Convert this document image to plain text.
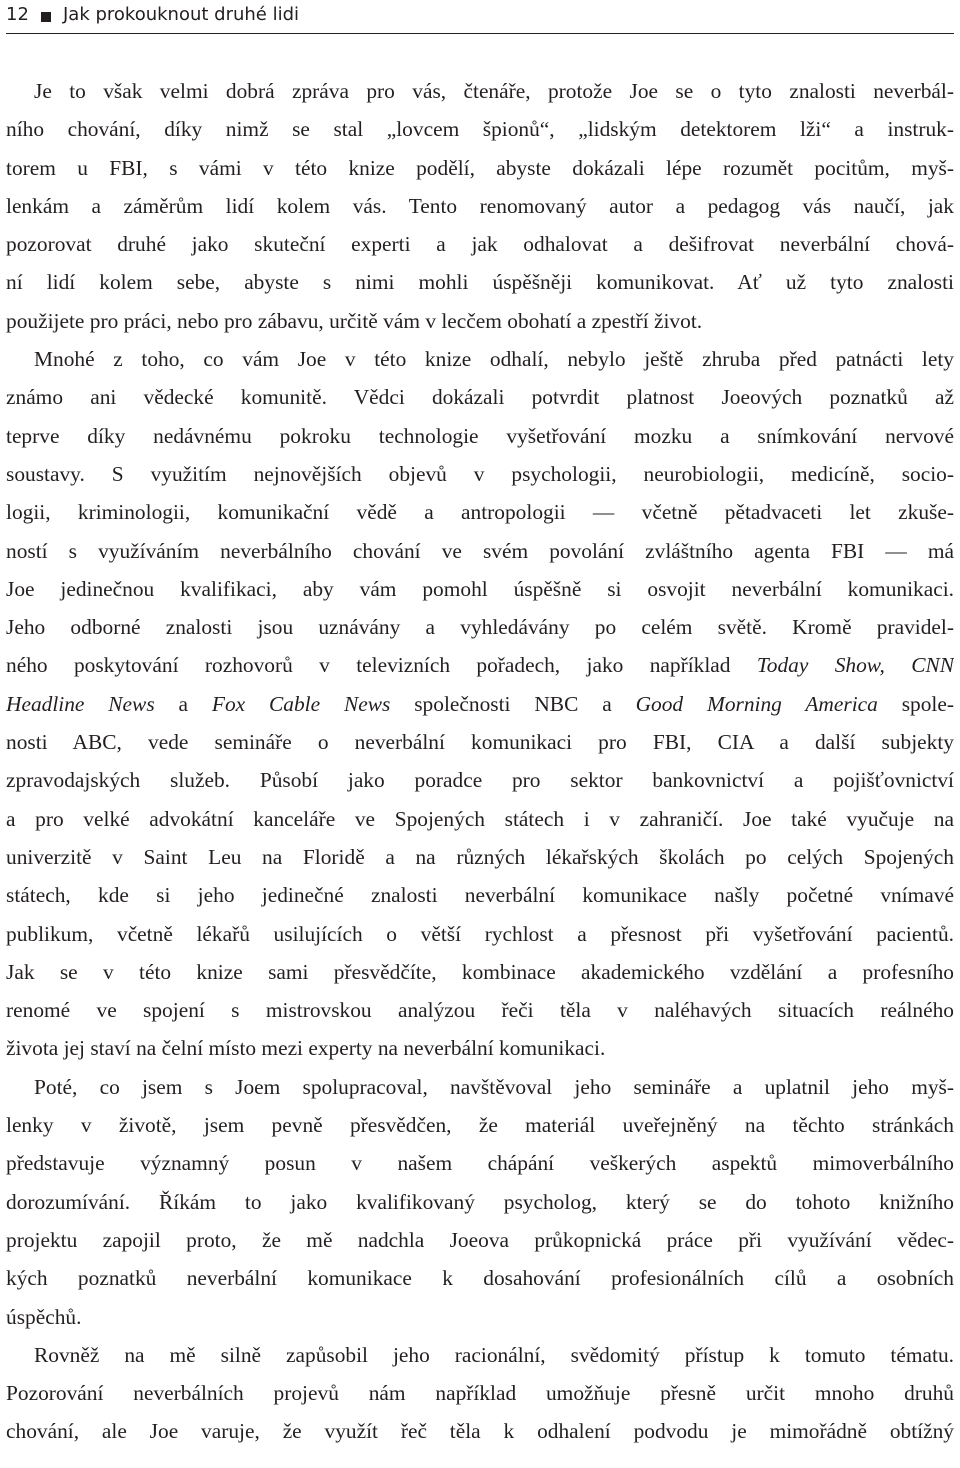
12 Jak prokouknout druhé lidi
Je to však velmi dobrá zpráva pro vás, čtenáře, protože Joe se o tyto znalosti neverbál-
ního chování, díky nimž se stal „lovcem špionů“, „lidským detektorem lži“ a instruk-
torem u FBI, s vámi v této knize podělí, abyste dokázali lépe rozumět pocitům, myš-
lenkám a záměrům lidí kolem vás. Tento renomovaný autor a pedagog vás naučí, jak
pozorovat druhé jako skuteční experti a jak odhalovat a dešifrovat neverbální chová-
ní lidí kolem sebe, abyste s nimi mohli úspěšněji komunikovat. Ať už tyto znalosti
použijete pro práci, nebo pro zábavu, určitě vám v lecčem obohatí a zpestří život.
Mnohé z toho, co vám Joe v této knize odhalí, nebylo ještě zhruba před patnácti lety
známo ani vědecké komunitě. Vědci dokázali potvrdit platnost Joeových poznatků až
teprve díky nedávnému pokroku technologie vyšetřování mozku a snímkování nervové
soustavy. S využitím nejnovějších objevů v psychologii, neurobiologii, medicíně, socio-
logii, kriminologii, komunikační vědě a antropologii — včetně pětadvaceti let zkuše-
ností s využíváním neverbálního chování ve svém povolání zvláštního agenta FBI — má
Joe jedinečnou kvalifikaci, aby vám pomohl úspěšně si osvojit neverbální komunikaci.
Jeho odborné znalosti jsou uznávány a vyhledávány po celém světě. Kromě pravidel-
ného poskytování rozhovorů v televizních pořadech, jako například Today Show, CNN
Headline News a Fox Cable News společnosti NBC a Good Morning America spole-
nosti ABC, vede semináře o neverbální komunikaci pro FBI, CIA a další subjekty
zpravodajských služeb. Působí jako poradce pro sektor bankovnictví a pojišťovnictví
a pro velké advokátní kanceláře ve Spojených státech i v zahraničí. Joe také vyučuje na
univerzitě v Saint Leu na Floridě a na různých lékařských školách po celých Spojených
státech, kde si jeho jedinečné znalosti neverbální komunikace našly početné vnímavé
publikum, včetně lékařů usilujících o větší rychlost a přesnost při vyšetřování pacientů.
Jak se v této knize sami přesvědčíte, kombinace akademického vzdělání a profesního
renomé ve spojení s mistrovskou analýzou řeči těla v naléhavých situacích reálného
života jej staví na čelní místo mezi experty na neverbální komunikaci.
Poté, co jsem s Joem spolupracoval, navštěvoval jeho semináře a uplatnil jeho myš-
lenky v životě, jsem pevně přesvědčen, že materiál uveřejněný na těchto stránkách
představuje významný posun v našem chápání veškerých aspektů mimoverbálního
dorozumívání. Říkám to jako kvalifikovaný psycholog, který se do tohoto knižního
projektu zapojil proto, že mě nadchla Joeova průkopnická práce při využívání vědec-
kých poznatků neverbální komunikace k dosahování profesionálních cílů a osobních
úspěchů.
Rovněž na mě silně zapůsobil jeho racionální, svědomitý přístup k tomuto tématu.
Pozorování neverbálních projevů nám například umožňuje přesně určit mnoho druhů
chování, ale Joe varuje, že využít řeč těla k odhalení podvodu je mimořádně obtížný
